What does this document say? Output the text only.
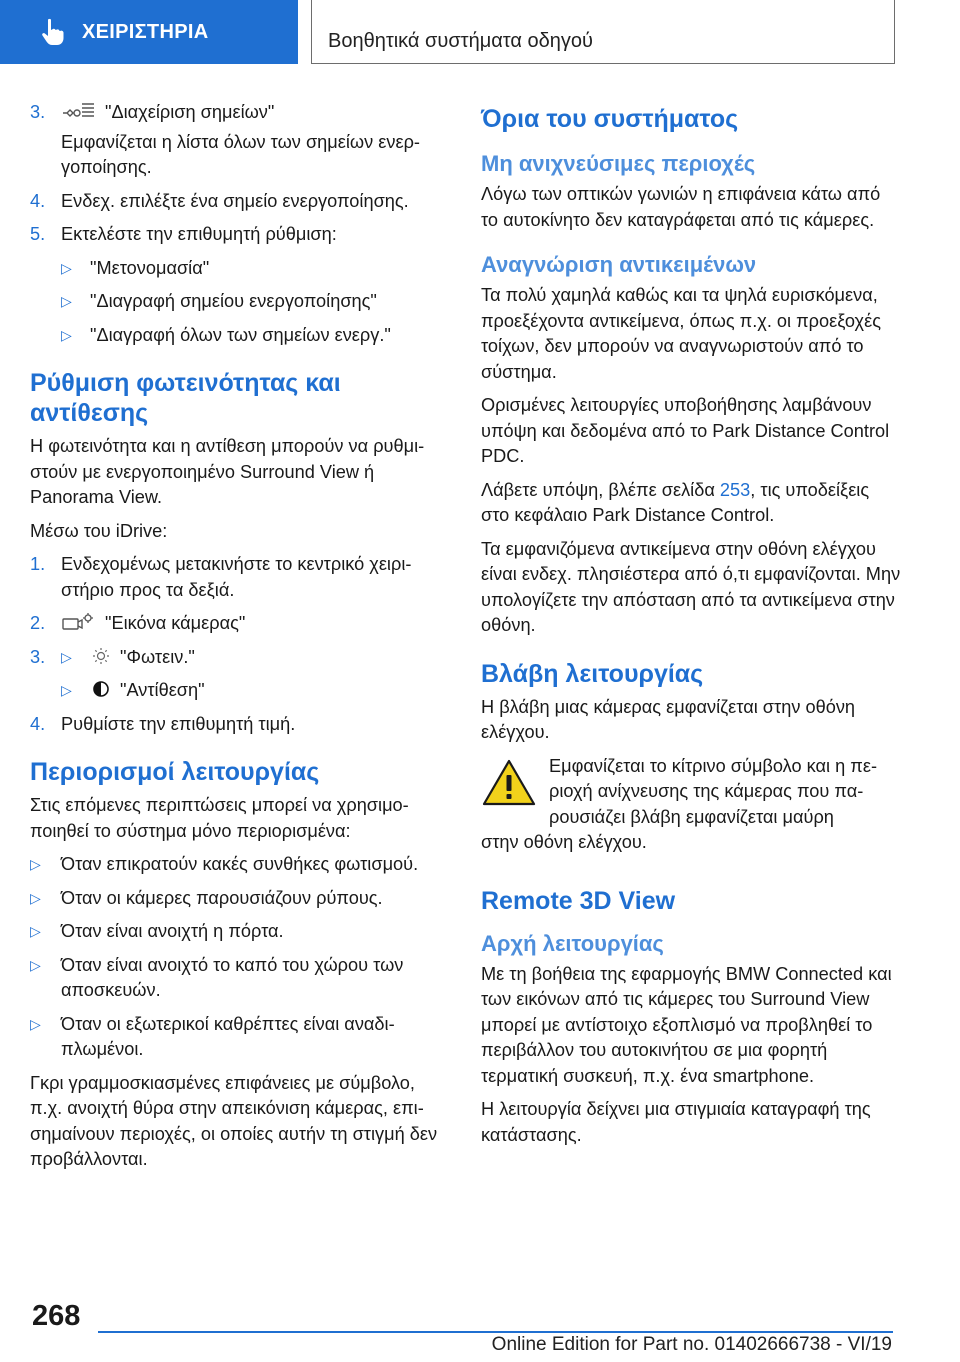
ΧΕΙΡΙΣΤΗΡΙΑ	Βοηθητικά συστήματα οδηγού
3.	"Διαχείριση σημείων"
Εμφανίζεται η λίστα όλων των σημείων ενεργοποίησης.
4. Ενδεχ. επιλέξτε ένα σημείο ενεργοποίησης.
5. Εκτελέστε την επιθυμητή ρύθμιση:
▷ "Μετονομασία"
▷ "Διαγραφή σημείου ενεργοποίησης"
▷ "Διαγραφή όλων των σημείων ενεργ."
Ρύθμιση φωτεινότητας και αντίθεσης
Η φωτεινότητα και η αντίθεση μπορούν να ρυθμιστούν με ενεργοποιημένο Surround View ή Panorama View.
Μέσω του iDrive:
1. Ενδεχομένως μετακινήστε το κεντρικό χειριστήριο προς τα δεξιά.
2.	"Εικόνα κάμερας"
3. ▷	"Φωτειν."
▷	"Αντίθεση"
4. Ρυθμίστε την επιθυμητή τιμή.
Περιορισμοί λειτουργίας
Στις επόμενες περιπτώσεις μπορεί να χρησιμοποιηθεί το σύστημα μόνο περιορισμένα:
▷ Όταν επικρατούν κακές συνθήκες φωτισμού.
▷ Όταν οι κάμερες παρουσιάζουν ρύπους.
▷ Όταν είναι ανοιχτή η πόρτα.
▷ Όταν είναι ανοιχτό το καπό του χώρου των αποσκευών.
▷ Όταν οι εξωτερικοί καθρέπτες είναι αναδιπλωμένοι.
Γκρι γραμμοσκιασμένες επιφάνειες με σύμβολο, π.χ. ανοιχτή θύρα στην απεικόνιση κάμερας, επισημαίνουν περιοχές, οι οποίες αυτήν τη στιγμή δεν προβάλλονται.
Όρια του συστήματος
Μη ανιχνεύσιμες περιοχές
Λόγω των οπτικών γωνιών η επιφάνεια κάτω από το αυτοκίνητο δεν καταγράφεται από τις κάμερες.
Αναγνώριση αντικειμένων
Τα πολύ χαμηλά καθώς και τα ψηλά ευρισκόμενα, προεξέχοντα αντικείμενα, όπως π.χ. οι προεξοχές τοίχων, δεν μπορούν να αναγνωριστούν από το σύστημα.
Ορισμένες λειτουργίες υποβοήθησης λαμβάνουν υπόψη και δεδομένα από το Park Distance Control PDC.
Λάβετε υπόψη, βλέπε σελίδα 253, τις υποδείξεις στο κεφάλαιο Park Distance Control.
Τα εμφανιζόμενα αντικείμενα στην οθόνη ελέγχου είναι ενδεχ. πλησιέστερα από ό,τι εμφανίζονται. Μην υπολογίζετε την απόσταση από τα αντικείμενα στην οθόνη.
Βλάβη λειτουργίας
Η βλάβη μιας κάμερας εμφανίζεται στην οθόνη ελέγχου.
Εμφανίζεται το κίτρινο σύμβολο και η περιοχή ανίχνευσης της κάμερας που παρουσιάζει βλάβη εμφανίζεται μαύρη
στην οθόνη ελέγχου.
Remote 3D View
Αρχή λειτουργίας
Με τη βοήθεια της εφαρμογής BMW Connected και των εικόνων από τις κάμερες του Surround View μπορεί με αντίστοιχο εξοπλισμό να προβληθεί το περιβάλλον του αυτοκινήτου σε μια φορητή τερματική συσκευή, π.χ. ένα smartphone.
Η λειτουργία δείχνει μια στιγμιαία καταγραφή της κατάστασης.
268
Online Edition for Part no. 01402666738 - VI/19
